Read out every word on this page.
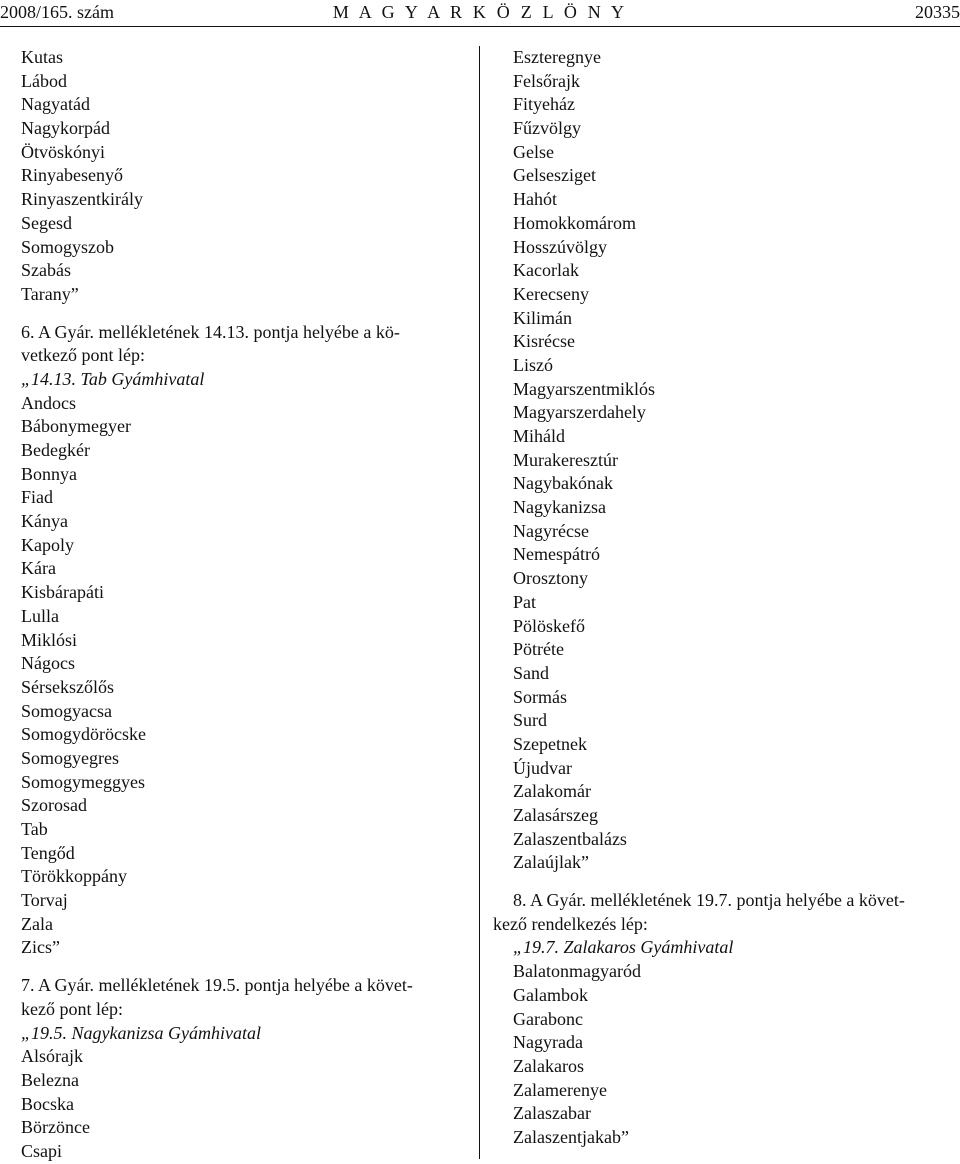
2008/165. szám	M A G Y A R K Ö Z L Ö N Y	20335
Kutas
Lábod
Nagyatád
Nagykorpád
Ötvöskónyi
Rinyabesenyő
Rinyaszentkirály
Segesd
Somogyszob
Szabás
Tarany”
6. A Gyár. mellékletének 14.13. pontja helyébe a kö-
vetkező pont lép:
„14.13. Tab Gyámhivatal
Andocs
Bábonymegyer
Bedegkér
Bonnya
Fiad
Kánya
Kapoly
Kára
Kisbárapáti
Lulla
Miklósi
Nágocs
Sérsekszőlős
Somogyacsa
Somogydöröcske
Somogyegres
Somogymeggyes
Szorosad
Tab
Tengőd
Törökkoppány
Torvaj
Zala
Zics”
7. A Gyár. mellékletének 19.5. pontja helyébe a követ-
kező pont lép:
„19.5. Nagykanizsa Gyámhivatal
Alsórajk
Belezna
Bocska
Börzönce
Csapi
Eszteregnye
Felsőrajk
Fityeház
Fűzvölgy
Gelse
Gelsesziget
Hahót
Homokkomárom
Hosszúvölgy
Kacorlak
Kerecseny
Kilimán
Kisrécse
Liszó
Magyarszentmiklós
Magyarszerdahely
Miháld
Murakeresztúr
Nagybakónak
Nagykanizsa
Nagyrécse
Nemespátró
Orosztony
Pat
Pölöskefő
Pötréte
Sand
Sormás
Surd
Szepetnek
Újudvar
Zalakomár
Zalasárszeg
Zalaszentbalázs
Zalaújlak”
8. A Gyár. mellékletének 19.7. pontja helyébe a követ-
kező rendelkezés lép:
„19.7. Zalakaros Gyámhivatal
Balatonmagyaród
Galambok
Garabonc
Nagyrada
Zalakaros
Zalamerenye
Zalaszabar
Zalaszentjakab”
